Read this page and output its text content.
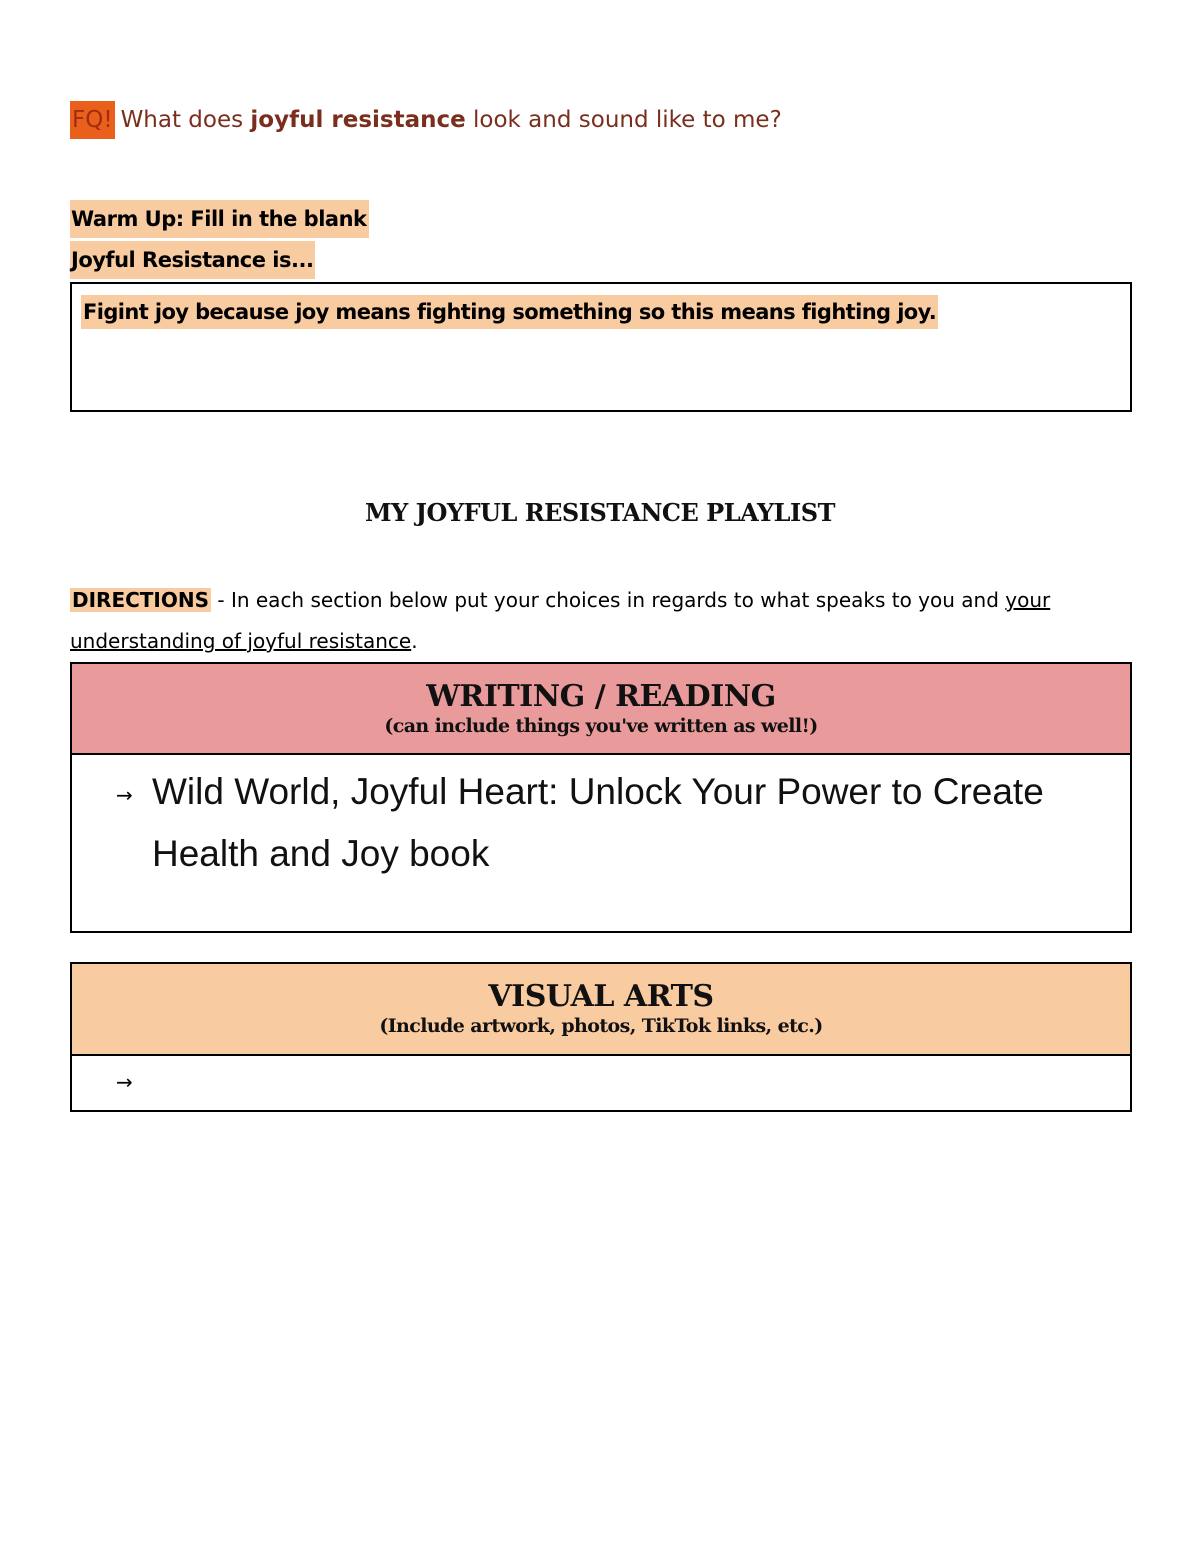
FQ! What does joyful resistance look and sound like to me?
Warm Up: Fill in the blank
Joyful Resistance is...
Figint joy because joy means fighting something so this means fighting joy.
MY JOYFUL RESISTANCE PLAYLIST
DIRECTIONS - In each section below put your choices in regards to what speaks to you and your understanding of joyful resistance.
WRITING / READING
(can include things you've written as well!)
→ Wild World, Joyful Heart: Unlock Your Power to Create Health and Joy book
VISUAL ARTS
(Include artwork, photos, TikTok links, etc.)
→
